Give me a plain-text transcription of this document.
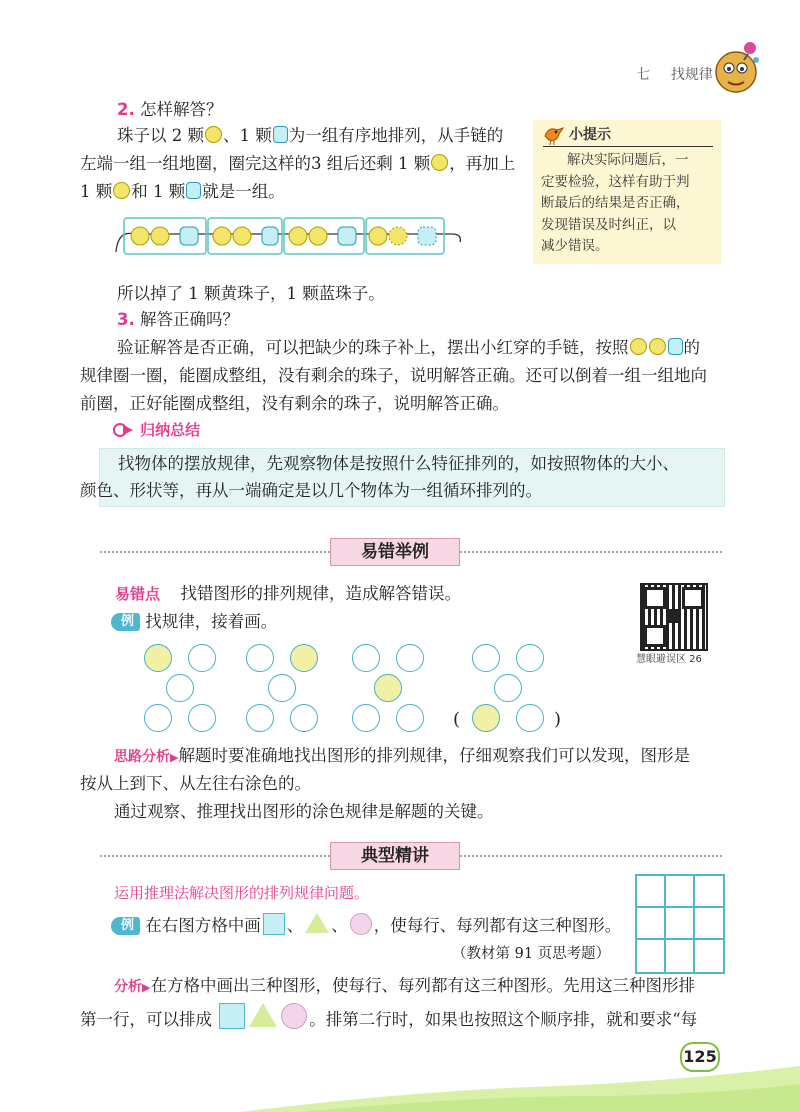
七 找规律
2. 怎样解答？
珠子以 2 颗 、1 颗 为一组有序地排列，从手链的
左端一组一组地圈，圈完这样的3 组后还剩 1 颗 ，再加上
1 颗 和 1 颗 就是一组。
所以掉了 1 颗黄珠子，1 颗蓝珠子。
小提示
解决实际问题后，一
定要检验，这样有助于判
断最后的结果是否正确，
发现错误及时纠正，以
减少错误。
3. 解答正确吗？
验证解答是否正确，可以把缺少的珠子补上，摆出小红穿的手链，按照	的
规律圈一圈，能圈成整组，没有剩余的珠子，说明解答正确。还可以倒着一组一组地向
前圈，正好能圈成整组，没有剩余的珠子，说明解答正确。
归纳总结
找物体的摆放规律，先观察物体是按照什么特征排列的，如按照物体的大小、
颜色、形状等，再从一端确定是以几个物体为一组循环排列的。
易错举例
易错点 找错图形的排列规律，造成解答错误。
例 找规律，接着画。
慧眼避误区 26
(	)
思路分析▶解题时要准确地找出图形的排列规律，仔细观察我们可以发现，图形是
按从上到下、从左往右涂色的。
通过观察、推理找出图形的涂色规律是解题的关键。
典型精讲
运用推理法解决图形的排列规律问题。
例 在右图方格中画 、 、 ，使每行、每列都有这三种图形。
（教材第 91 页思考题）
分析▶在方格中画出三种图形，使每行、每列都有这三种图形。先用这三种图形排
第一行，可以排成	。排第二行时，如果也按照这个顺序排，就和要求“每
125
